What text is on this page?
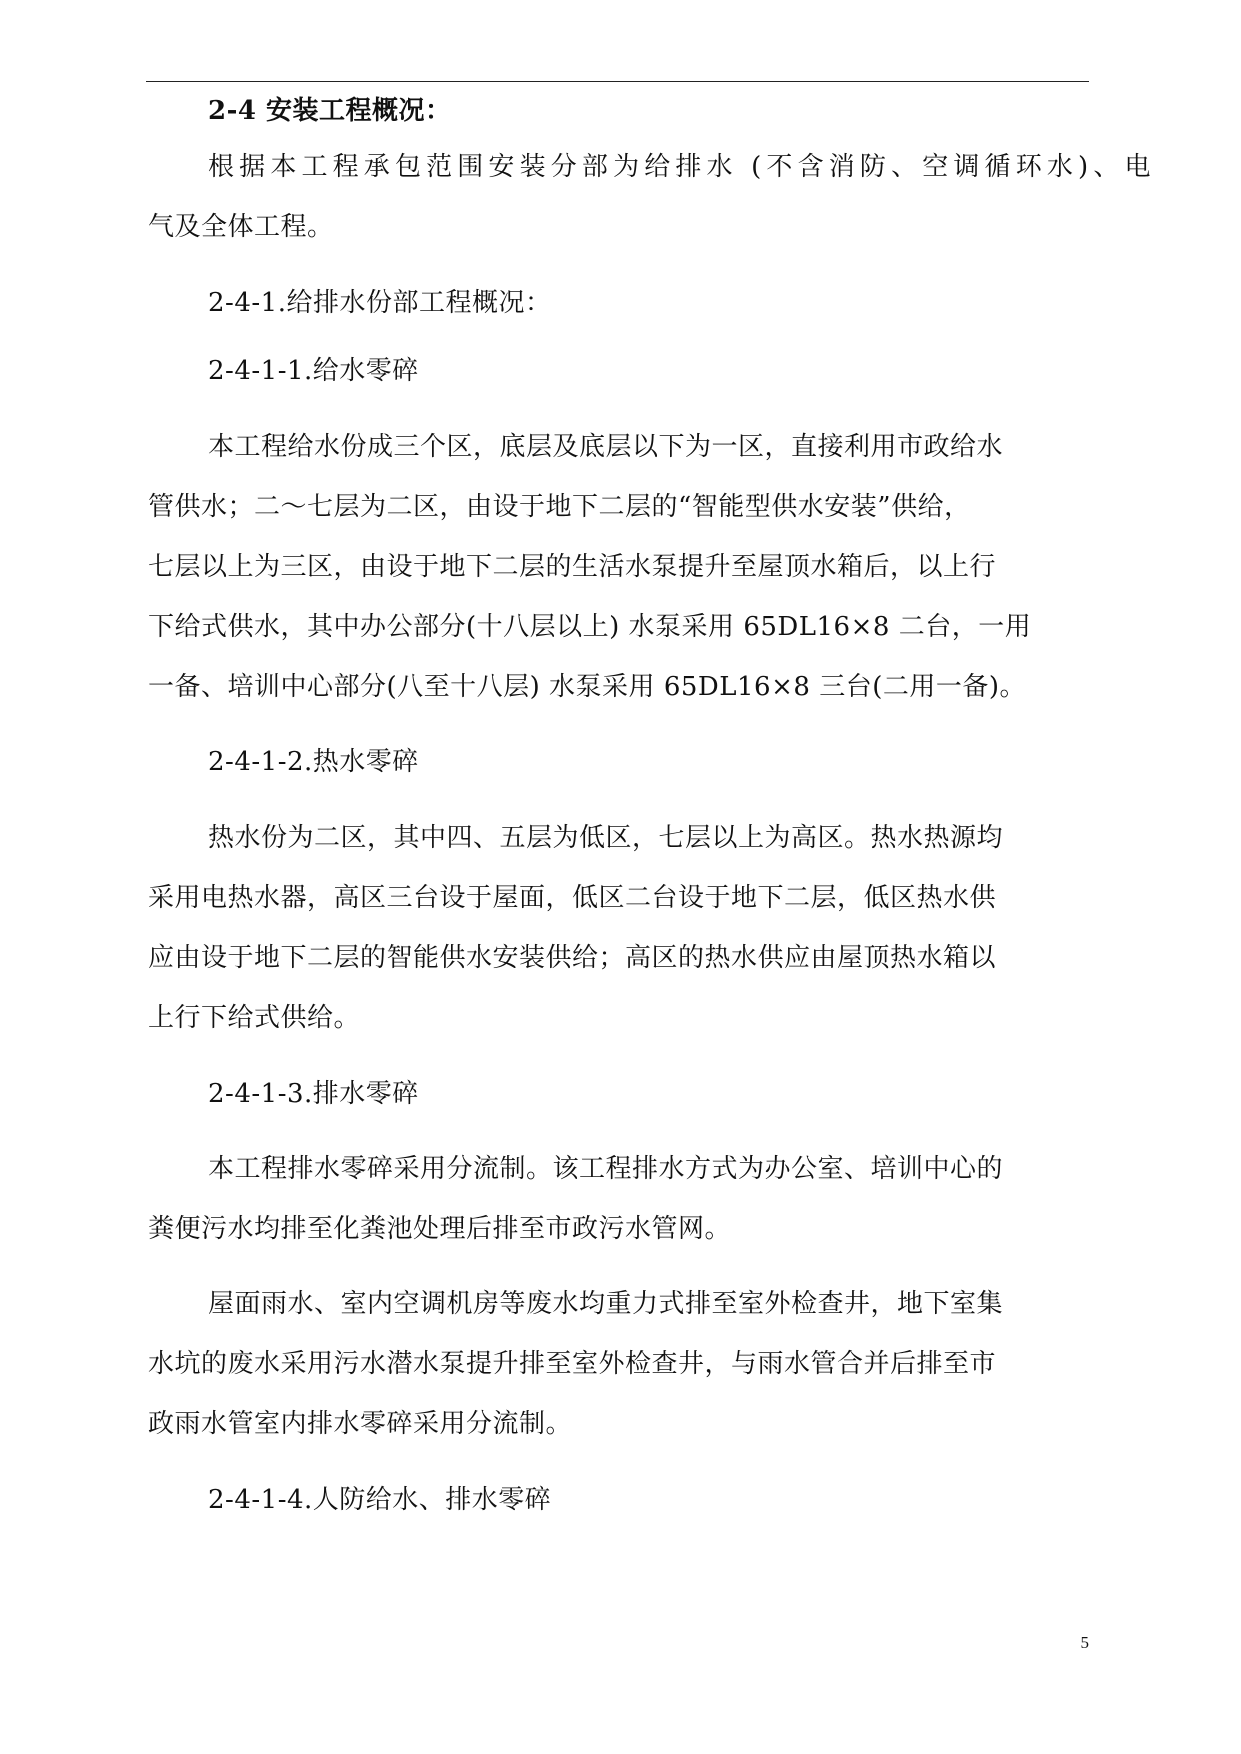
2-4 安装工程概况：
根据本工程承包范围安装分部为给排水 (不含消防、空调循环水)、电
气及全体工程。
2-4-1.给排水份部工程概况：
2-4-1-1.给水零碎
本工程给水份成三个区，底层及底层以下为一区，直接利用市政给水
管供水；二～七层为二区，由设于地下二层的“智能型供水安装”供给，
七层以上为三区，由设于地下二层的生活水泵提升至屋顶水箱后，以上行
下给式供水，其中办公部分(十八层以上) 水泵采用 65DL16×8 二台，一用
一备、培训中心部分(八至十八层) 水泵采用 65DL16×8 三台(二用一备)。
2-4-1-2.热水零碎
热水份为二区，其中四、五层为低区，七层以上为高区。热水热源均
采用电热水器，高区三台设于屋面，低区二台设于地下二层，低区热水供
应由设于地下二层的智能供水安装供给；高区的热水供应由屋顶热水箱以
上行下给式供给。
2-4-1-3.排水零碎
本工程排水零碎采用分流制。该工程排水方式为办公室、培训中心的
粪便污水均排至化粪池处理后排至市政污水管网。
屋面雨水、室内空调机房等废水均重力式排至室外检查井，地下室集
水坑的废水采用污水潜水泵提升排至室外检查井，与雨水管合并后排至市
政雨水管室内排水零碎采用分流制。
2-4-1-4.人防给水、排水零碎
5
